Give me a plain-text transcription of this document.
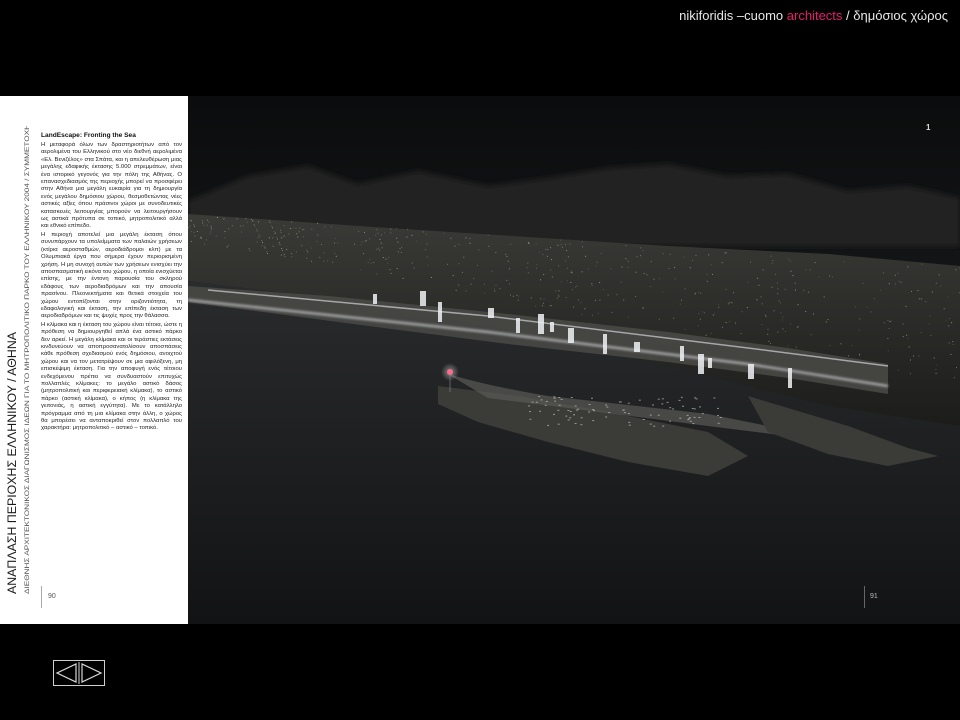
nikiforidis –cuomo architects / δημόσιος χώρος
ΑΝΑΠΛΑΣΗ ΠΕΡΙΟΧΗΣ ΕΛΛΗΝΙΚΟΥ / ΑΘΗΝΑ ΔΙΕΘΝΗΣ ΑΡΧΙΤΕΚΤΟΝΙΚΟΣ ΔΙΑΓΩΝΙΣΜΟΣ ΙΔΕΩΝ ΓΙΑ ΤΟ ΜΗΤΡΟΠΟΛΙΤΙΚΟ ΠΑΡΚΟ ΤΟΥ ΕΛΛΗΝΙΚΟΥ 2004 / ΣΥΜΜΕΤΟΧΗ
LandEscape: Fronting the Sea

Η μεταφορά όλων των δραστηριοτήτων από τον αερολιμένα του Ελληνικού στο νέο διεθνή αερολιμένα «Ελ. Βενιζέλος» στα Σπάτα, και η απελευθέρωση μιας μεγάλης εδαφικής έκτασης 5.000 στρεμμάτων, είναι ένα ιστορικό γεγονός για την πόλη της Αθήνας. Ο επανασχεδιασμός της περιοχής μπορεί να προσφέρει στην Αθήνα μια μεγάλη ευκαιρία για τη δημιουργία ενός μεγάλου δημόσιου χώρου, θεσμοθετώντας νέες αστικές αξίες όπου πράσινοι χώροι με συνοδευτικές κατασκευές λειτουργίας μπορούν να λειτουργήσουν ως αστικά πρότυπα σε τοπικό, μητροπολιτικό αλλά και εθνικό επίπεδο.

Η περιοχή αποτελεί μια μεγάλη έκταση όπου συνυπάρχουν τα υπολείμματα των παλαιών χρήσεων (κτίρια αεροσταθμών, αεροδιάδρομοι κλπ) με τα Ολυμπιακά έργα που σήμερα έχουν περιορισμένη χρήση. Η μη συνοχή αυτών των χρήσεων ενισχύει την αποσπασματική εικόνα του χώρου, η οποία ενισχύεται επίσης, με την έντονη παρουσία του σκληρού εδάφους των αεροδιαδρόμων και την απουσία πρασίνου. Πλεονεκτήματα και θετικά στοιχεία του χώρου εντοπίζονται στην οριζοντιότητα, τη εδαφολογική και έκταση, την επίπεδη έκταση των αεροδιαδρόμων και τις ψυχές προς την θάλασσα.

Η κλίμακα και η έκταση του χώρου είναι τέτοια, ώστε η πρόθεση να δημιουργηθεί απλά ένα αστικό πάρκο δεν αρκεί. Η μεγάλη κλίμακα και οι τεράστιες εκτάσεις κινδυνεύουν να αποπροσανατολίσουν αποσπάσεις κάθε πρόθεση σχεδιασμού ενός δημόσιου, ανοιχτού χώρου και να τον μετατρέψουν σε μια αφιλόξενη, μη επισκέψιμη έκταση. Για την αποφυγή ενός τέτοιου ενδεχόμενου πρέπει να συνδυαστούν επιτυχώς πολλαπλές κλίμακες: το μεγάλο αστικό δάσος (μητροπολιτική και περιφερειακή κλίμακα), το αστικό πάρκο (αστική κλίμακα), ο κήπος (η κλίμακα της γειτονιάς, η αστική εγγύτητα). Με το κατάλληλο πρόγραμμα από τη μια κλίμακα στην άλλη, ο χώρος θα μπορέσει να ανταποκριθεί στον πολλαπλό του χαρακτήρα: μητροπολιτικό – αστικό – τοπικό.

90	91
1
